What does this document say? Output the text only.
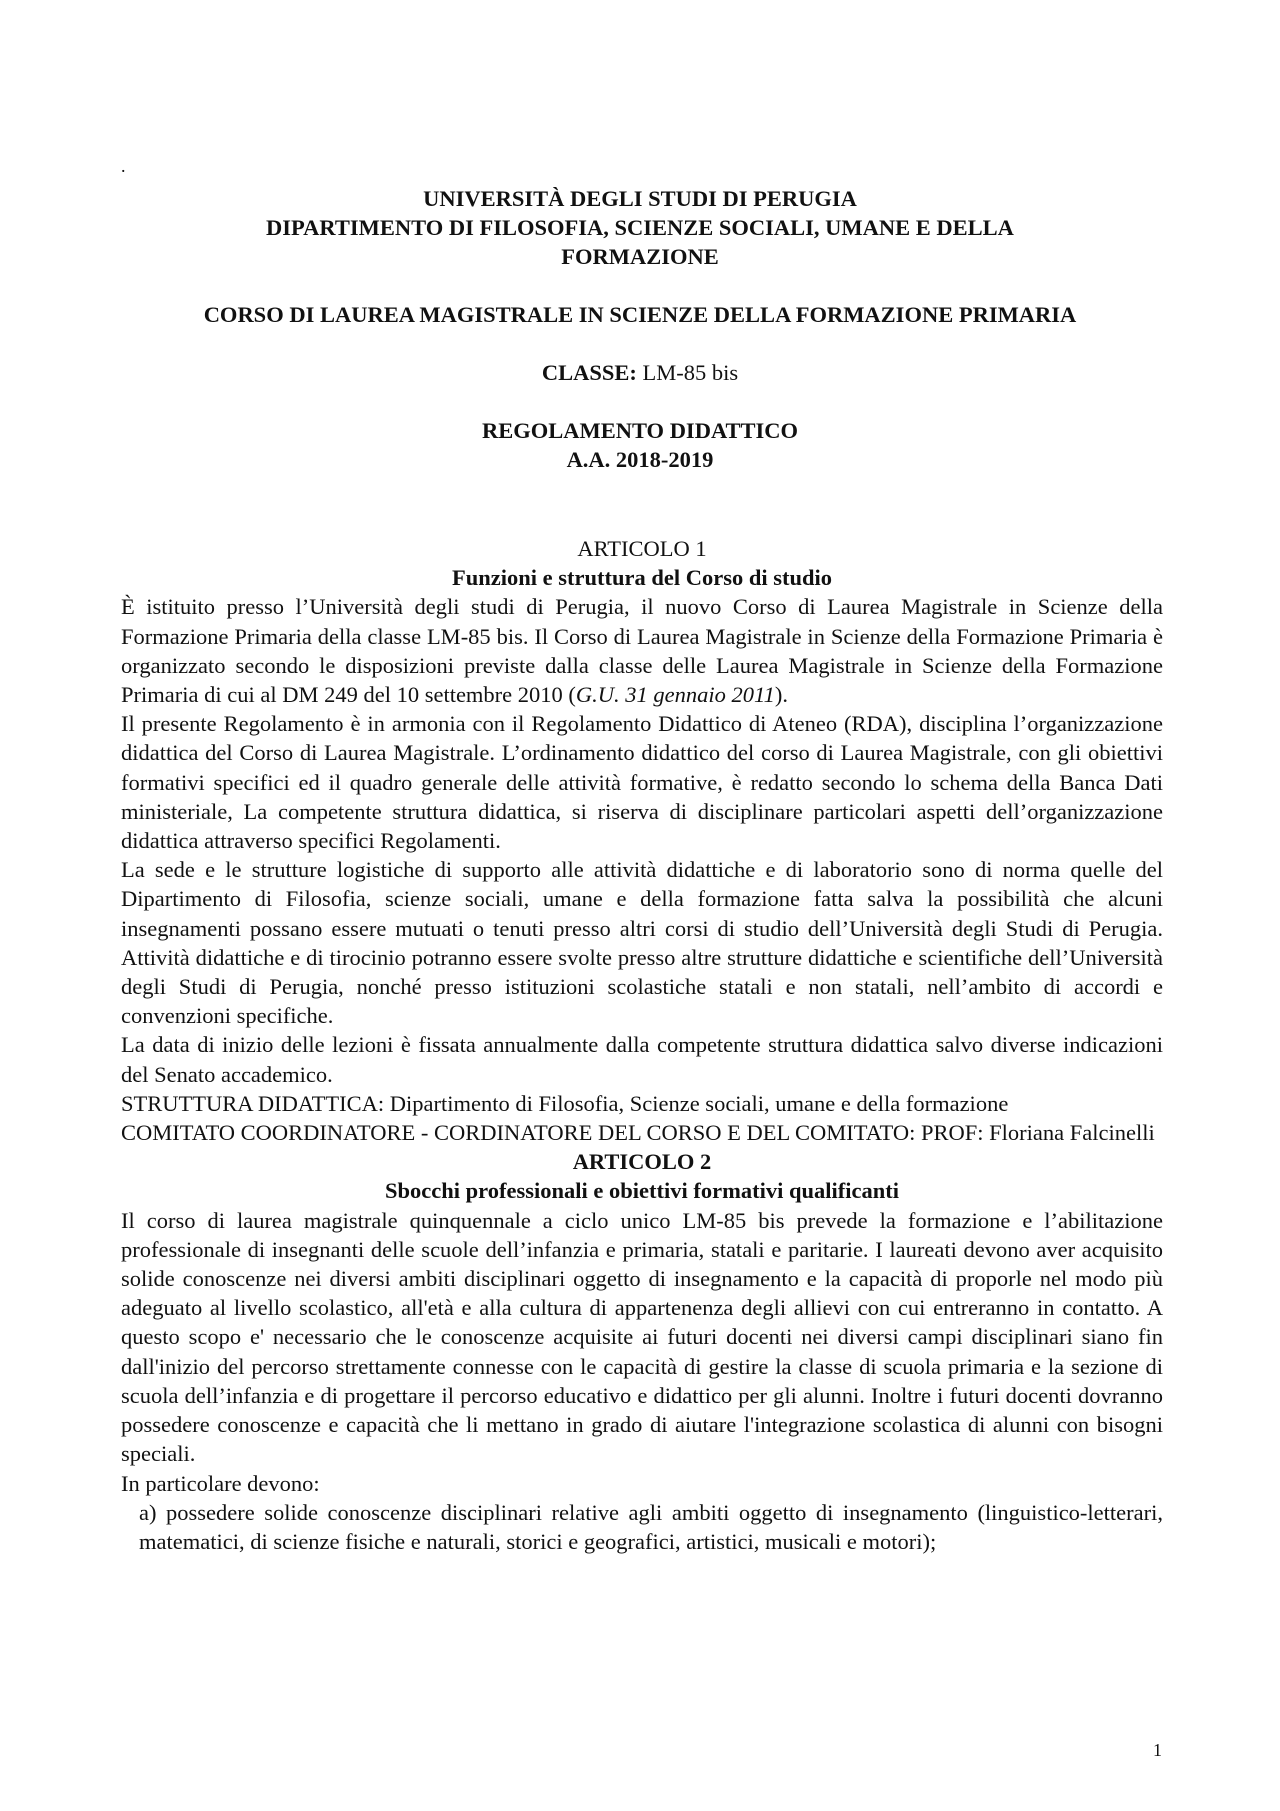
.

UNIVERSITÀ DEGLI STUDI DI PERUGIA

DIPARTIMENTO DI FILOSOFIA, SCIENZE SOCIALI, UMANE E DELLA

FORMAZIONE

CORSO DI LAUREA MAGISTRALE IN SCIENZE DELLA FORMAZIONE PRIMARIA

CLASSE: LM-85 bis

REGOLAMENTO DIDATTICO

A.A. 2018-2019

ARTICOLO 1

Funzioni e struttura del Corso di studio

È istituito presso l’Università degli studi di Perugia, il nuovo Corso di Laurea Magistrale in Scienze della Formazione Primaria della classe LM-85 bis. Il Corso di Laurea Magistrale in Scienze della Formazione Primaria è organizzato secondo le disposizioni previste dalla classe delle Laurea Magistrale in Scienze della Formazione Primaria di cui al DM 249 del 10 settembre 2010 (G.U. 31 gennaio 2011).

Il presente Regolamento è in armonia con il Regolamento Didattico di Ateneo (RDA), disciplina l’organizzazione didattica del Corso di Laurea Magistrale. L’ordinamento didattico del corso di Laurea Magistrale, con gli obiettivi formativi specifici ed il quadro generale delle attività formative, è redatto secondo lo schema della Banca Dati ministeriale, La competente struttura didattica, si riserva di disciplinare particolari aspetti dell’organizzazione didattica attraverso specifici Regolamenti.

La sede e le strutture logistiche di supporto alle attività didattiche e di laboratorio sono di norma quelle del Dipartimento di Filosofia, scienze sociali, umane e della formazione fatta salva la possibilità che alcuni insegnamenti possano essere mutuati o tenuti presso altri corsi di studio dell’Università degli Studi di Perugia. Attività didattiche e di tirocinio potranno essere svolte presso altre strutture didattiche e scientifiche dell’Università degli Studi di Perugia, nonché presso istituzioni scolastiche statali e non statali, nell’ambito di accordi e convenzioni specifiche.

La data di inizio delle lezioni è fissata annualmente dalla competente struttura didattica salvo diverse indicazioni del Senato accademico.

STRUTTURA DIDATTICA: Dipartimento di Filosofia, Scienze sociali, umane e della formazione

COMITATO COORDINATORE - CORDINATORE DEL CORSO E DEL COMITATO: PROF: Floriana Falcinelli

ARTICOLO 2

Sbocchi professionali e obiettivi formativi qualificanti

Il corso di laurea magistrale quinquennale a ciclo unico LM-85 bis prevede la formazione e l’abilitazione professionale di insegnanti delle scuole dell’infanzia e primaria, statali e paritarie. I laureati devono aver acquisito solide conoscenze nei diversi ambiti disciplinari oggetto di insegnamento e la capacità di proporle nel modo più adeguato al livello scolastico, all'età e alla cultura di appartenenza degli allievi con cui entreranno in contatto. A questo scopo e' necessario che le conoscenze acquisite ai futuri docenti nei diversi campi disciplinari siano fin dall'inizio del percorso strettamente connesse con le capacità di gestire la classe di scuola primaria e la sezione di scuola dell’infanzia e di progettare il percorso educativo e didattico per gli alunni. Inoltre i futuri docenti dovranno possedere conoscenze e capacità che li mettano in grado di aiutare l'integrazione scolastica di alunni con bisogni speciali.

In particolare devono:

a) possedere solide conoscenze disciplinari relative agli ambiti oggetto di insegnamento (linguistico-letterari, matematici, di scienze fisiche e naturali, storici e geografici, artistici, musicali e motori);

1
